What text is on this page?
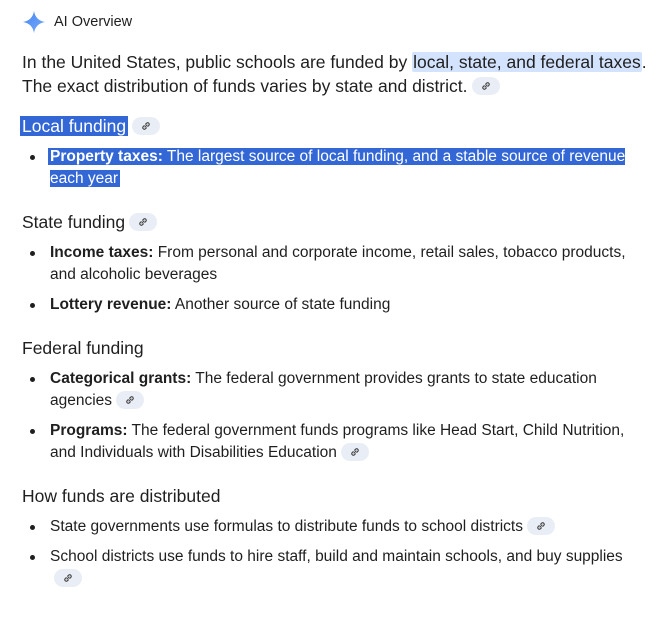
AI Overview

In the United States, public schools are funded by local, state, and federal taxes. The exact distribution of funds varies by state and district.

Local funding
Property taxes: The largest source of local funding, and a stable source of revenue each year
State funding
Income taxes: From personal and corporate income, retail sales, tobacco products, and alcoholic beverages
Lottery revenue: Another source of state funding
Federal funding
Categorical grants: The federal government provides grants to state education agencies
Programs: The federal government funds programs like Head Start, Child Nutrition, and Individuals with Disabilities Education
How funds are distributed
State governments use formulas to distribute funds to school districts
School districts use funds to hire staff, build and maintain schools, and buy supplies
